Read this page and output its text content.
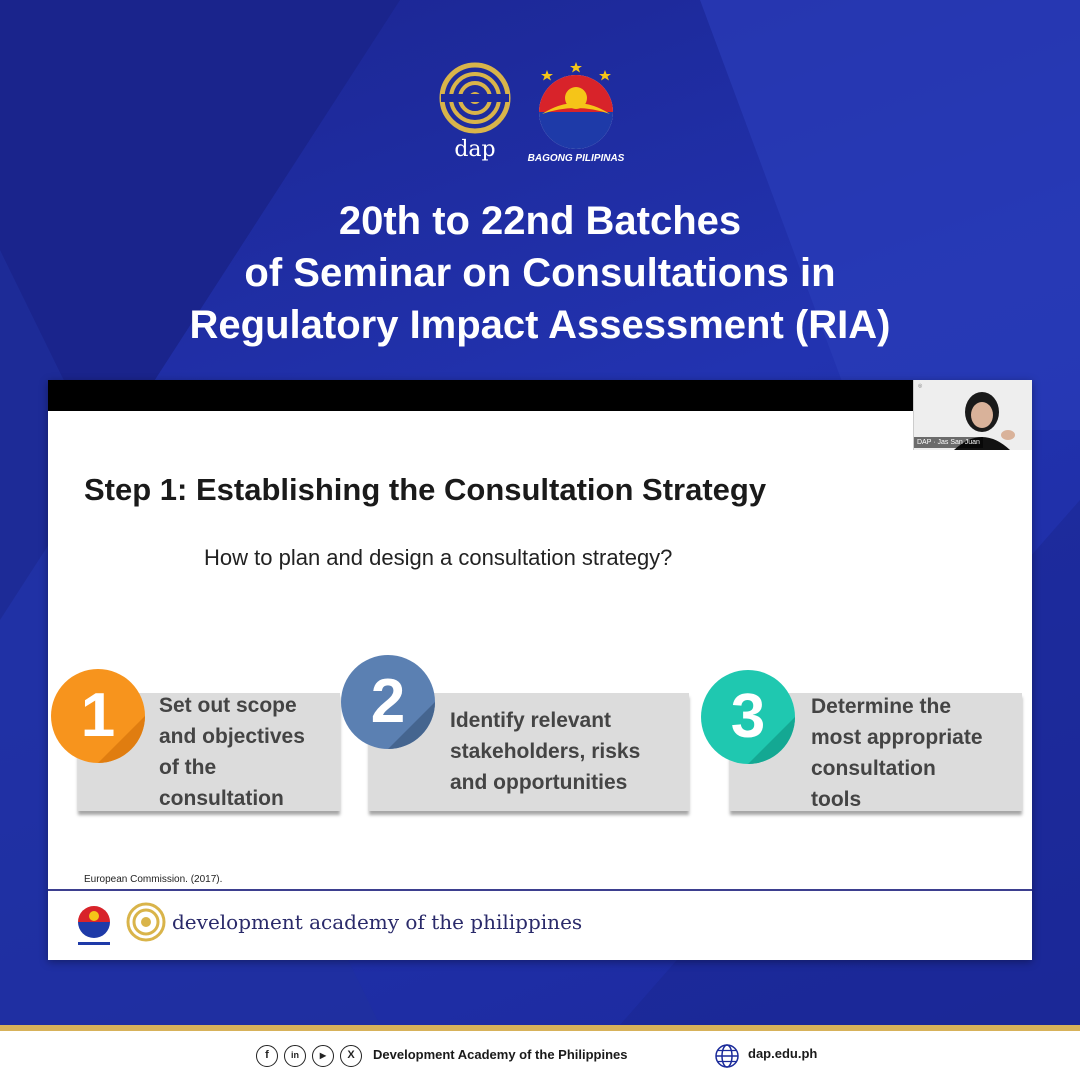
dap	BAGONG PILIPINAS
20th to 22nd Batches
of Seminar on Consultations in
Regulatory Impact Assessment (RIA)
◎
DAP · Jas San Juan
Step 1: Establishing the Consultation Strategy
How to plan and design a consultation strategy?
1	Set out scope
and objectives
of the
consultation
2	Identify relevant
stakeholders, risks
and opportunities
3	Determine the
most appropriate
consultation
tools
European Commission. (2017).
development academy of the philippines
f	in	▶	X	Development Academy of the Philippines	dap.edu.ph
